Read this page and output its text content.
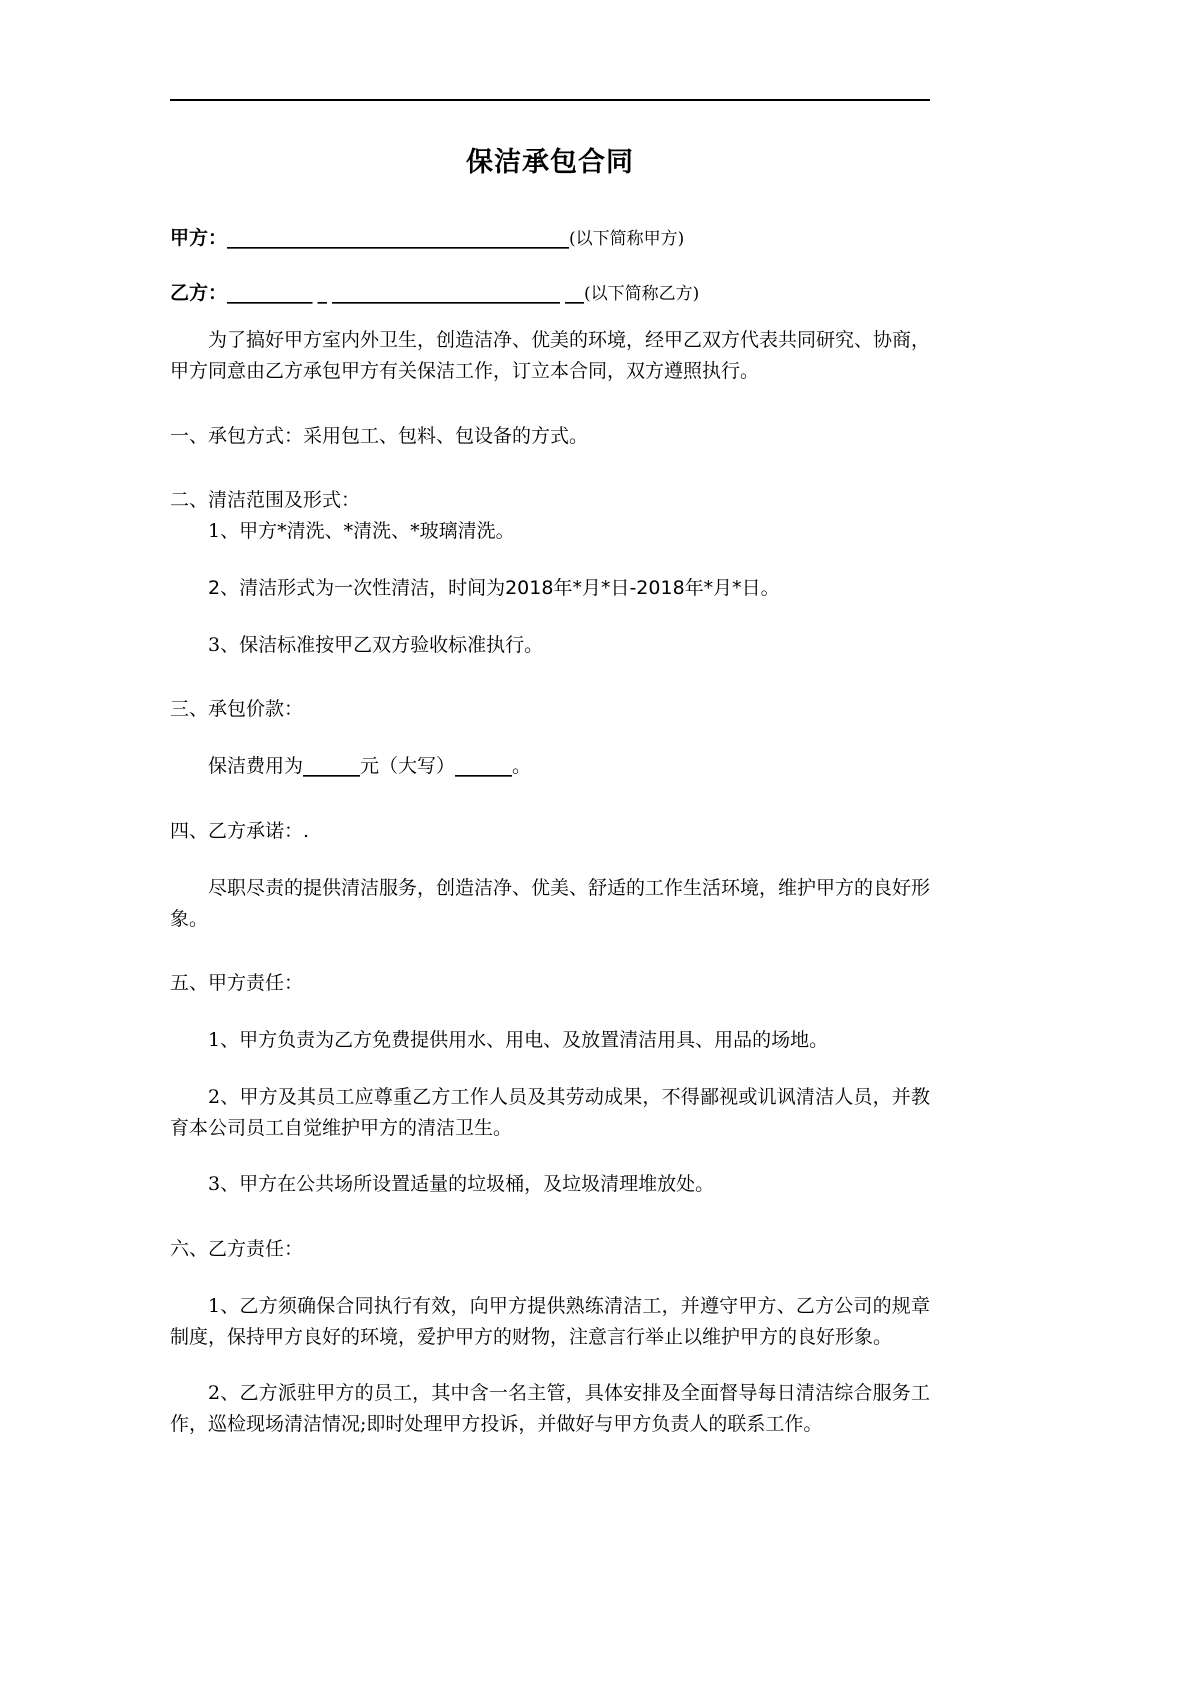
保洁承包合同

甲方：____________________________________(以下简称甲方)

乙方：_________ _ ________________________ __(以下简称乙方)

为了搞好甲方室内外卫生，创造洁净、优美的环境，经甲乙双方代表共同研究、协商，甲方同意由乙方承包甲方有关保洁工作，订立本合同，双方遵照执行。

一、承包方式：采用包工、包料、包设备的方式。

二、清洁范围及形式：

1、甲方*清洗、*清洗、*玻璃清洗。

2、清洁形式为一次性清洁，时间为2018年*月*日-2018年*月*日。

3、保洁标准按甲乙双方验收标准执行。

三、承包价款：

保洁费用为______元（大写）______。

四、乙方承诺：.

尽职尽责的提供清洁服务，创造洁净、优美、舒适的工作生活环境，维护甲方的良好形象。

五、甲方责任：

1、甲方负责为乙方免费提供用水、用电、及放置清洁用具、用品的场地。

2、甲方及其员工应尊重乙方工作人员及其劳动成果，不得鄙视或讥讽清洁人员，并教育本公司员工自觉维护甲方的清洁卫生。

3、甲方在公共场所设置适量的垃圾桶，及垃圾清理堆放处。

六、乙方责任：

1、乙方须确保合同执行有效，向甲方提供熟练清洁工，并遵守甲方、乙方公司的规章制度，保持甲方良好的环境，爱护甲方的财物，注意言行举止以维护甲方的良好形象。

2、乙方派驻甲方的员工，其中含一名主管，具体安排及全面督导每日清洁综合服务工作，巡检现场清洁情况;即时处理甲方投诉，并做好与甲方负责人的联系工作。
